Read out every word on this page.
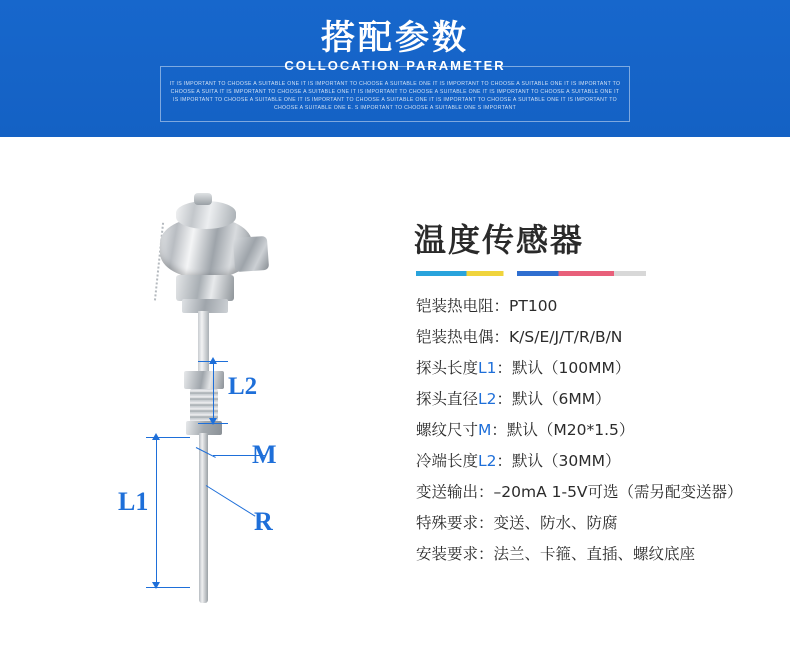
搭配参数
COLLOCATION PARAMETER
IT IS IMPORTANT TO CHOOSE A SUITABLE ONE IT IS IMPORTANT TO CHOOSE A SUITABLE ONE IT IS IMPORTANT TO CHOOSE A SUITABLE ONE IT IS IMPORTANT TO CHOOSE A SUITA IT IS IMPORTANT TO CHOOSE A SUITABLE ONE IT IS IMPORTANT TO CHOOSE A SUITABLE ONE IT IS IMPORTANT TO CHOOSE A SUITABLE ONE IT IS IMPORTANT TO CHOOSE A SUITABLE ONE IT IS IMPORTANT TO CHOOSE A SUITABLE ONE IT IS IMPORTANT TO CHOOSE A SUITABLE ONE IT IS IMPORTANT TO CHOOSE A SUITABLE ONE E. S IMPORTANT TO CHOOSE A SUITABLE ONE S IMPORTANT
L2
M
L1
R
温度传感器
铠装热电阻：PT100
铠装热电偶：K/S/E/J/T/R/B/N
探头长度L1：默认（100MM）
探头直径L2：默认（6MM）
螺纹尺寸M：默认（M20*1.5）
冷端长度L2：默认（30MM）
变送输出：–20mA 1-5V可选（需另配变送器）
特殊要求：变送、防水、防腐
安装要求：法兰、卡箍、直插、螺纹底座
